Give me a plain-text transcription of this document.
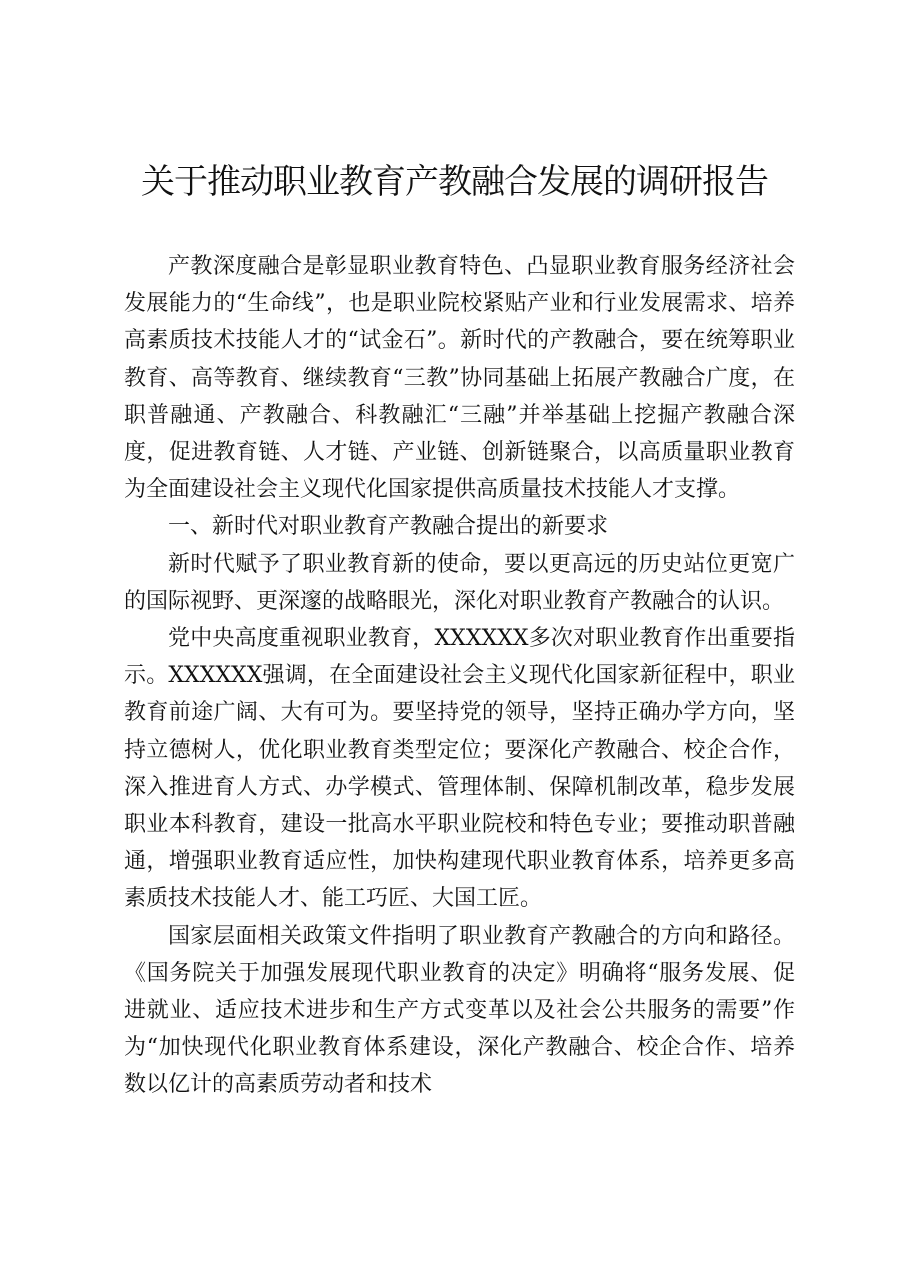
关于推动职业教育产教融合发展的调研报告

产教深度融合是彰显职业教育特色、凸显职业教育服务经济社会发展能力的“生命线”，也是职业院校紧贴产业和行业发展需求、培养高素质技术技能人才的“试金石”。新时代的产教融合，要在统筹职业教育、高等教育、继续教育“三教”协同基础上拓展产教融合广度，在职普融通、产教融合、科教融汇“三融”并举基础上挖掘产教融合深度，促进教育链、人才链、产业链、创新链聚合，以高质量职业教育为全面建设社会主义现代化国家提供高质量技术技能人才支撑。

一、新时代对职业教育产教融合提出的新要求

新时代赋予了职业教育新的使命，要以更高远的历史站位更宽广的国际视野、更深邃的战略眼光，深化对职业教育产教融合的认识。

党中央高度重视职业教育，XXXXXX多次对职业教育作出重要指示。XXXXXX强调，在全面建设社会主义现代化国家新征程中，职业教育前途广阔、大有可为。要坚持党的领导，坚持正确办学方向，坚持立德树人，优化职业教育类型定位；要深化产教融合、校企合作，深入推进育人方式、办学模式、管理体制、保障机制改革，稳步发展职业本科教育，建设一批高水平职业院校和特色专业；要推动职普融通，增强职业教育适应性，加快构建现代职业教育体系，培养更多高素质技术技能人才、能工巧匠、大国工匠。

国家层面相关政策文件指明了职业教育产教融合的方向和路径。《国务院关于加强发展现代职业教育的决定》明确将“服务发展、促进就业、适应技术进步和生产方式变革以及社会公共服务的需要”作为“加快现代化职业教育体系建设，深化产教融合、校企合作、培养数以亿计的高素质劳动者和技术
